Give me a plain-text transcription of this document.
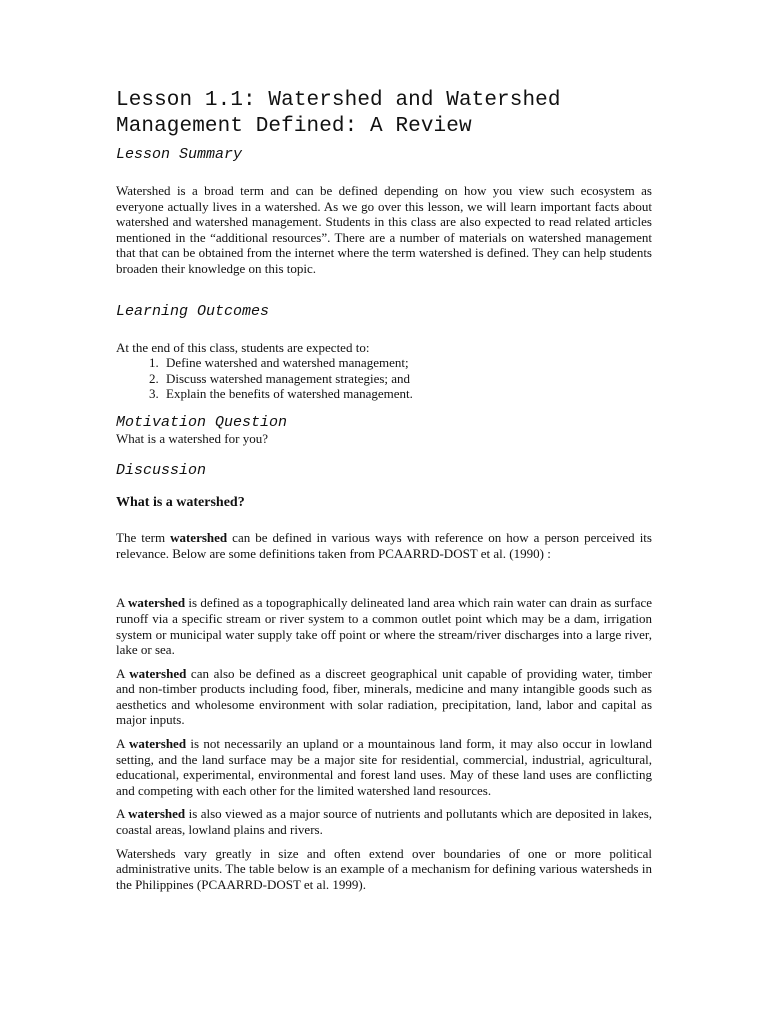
Lesson 1.1: Watershed and Watershed
Management Defined: A Review
Lesson Summary

Watershed is a broad term and can be defined depending on how you view such ecosystem as everyone actually lives in a watershed. As we go over this lesson, we will learn important facts about watershed and watershed management. Students in this class are also expected to read related articles mentioned in the “additional resources”. There are a number of materials on watershed management that that can be obtained from the internet where the term watershed is defined. They can help students broaden their knowledge on this topic.

Learning Outcomes

At the end of this class, students are expected to:

1. Define watershed and watershed management;
2. Discuss watershed management strategies; and
3. Explain the benefits of watershed management.
Motivation Question

What is a watershed for you?

Discussion

What is a watershed?

The term watershed can be defined in various ways with reference on how a person perceived its relevance. Below are some definitions taken from PCAARRD-DOST et al. (1990) :

A watershed is defined as a topographically delineated land area which rain water can drain as surface runoff via a specific stream or river system to a common outlet point which may be a dam, irrigation system or municipal water supply take off point or where the stream/river discharges into a large river, lake or sea.

A watershed can also be defined as a discreet geographical unit capable of providing water, timber and non-timber products including food, fiber, minerals, medicine and many intangible goods such as aesthetics and wholesome environment with solar radiation, precipitation, land, labor and capital as major inputs.

A watershed is not necessarily an upland or a mountainous land form, it may also occur in lowland setting, and the land surface may be a major site for residential, commercial, industrial, agricultural, educational, experimental, environmental and forest land uses. May of these land uses are conflicting and competing with each other for the limited watershed land resources.

A watershed is also viewed as a major source of nutrients and pollutants which are deposited in lakes, coastal areas, lowland plains and rivers.

Watersheds vary greatly in size and often extend over boundaries of one or more political administrative units. The table below is an example of a mechanism for defining various watersheds in the Philippines (PCAARRD-DOST et al. 1999).
